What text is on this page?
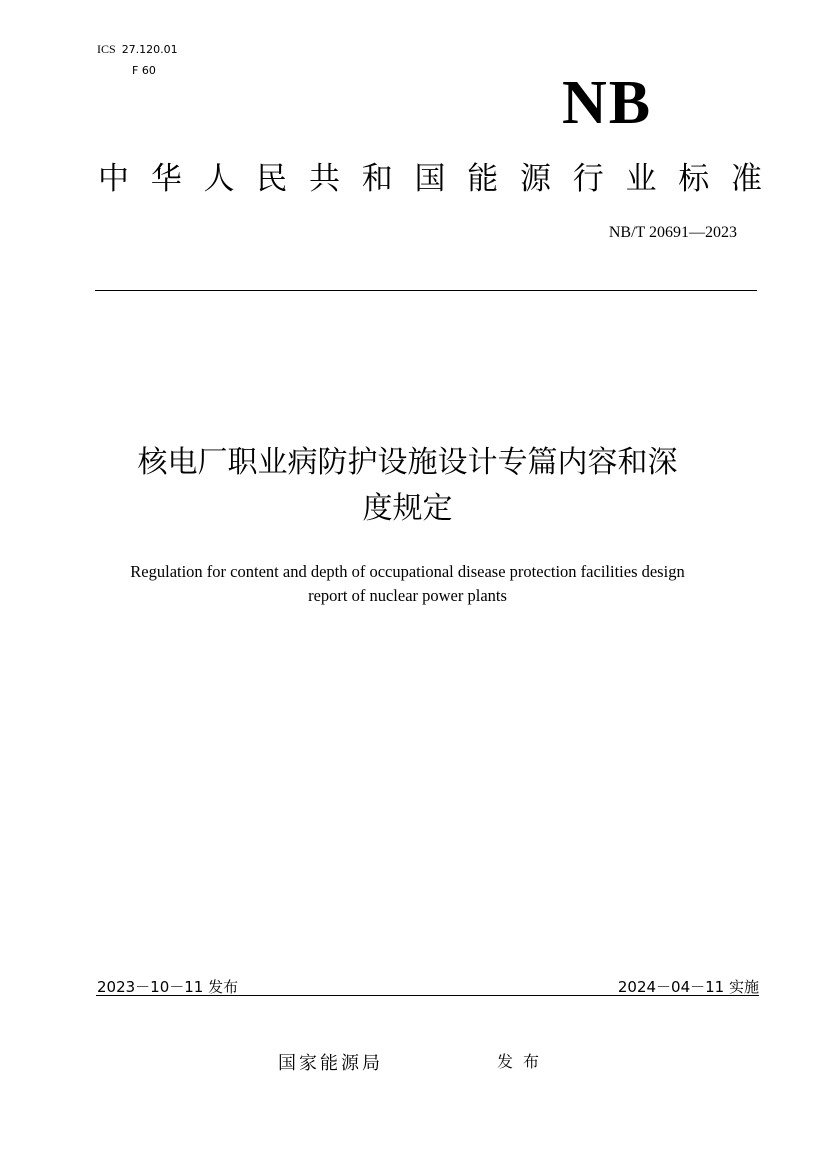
ICS 27.120.01
F 60	NB
中华人民共和国能源行业标准
NB/T 20691—2023
核电厂职业病防护设施设计专篇内容和深
度规定
Regulation for content and depth of occupational disease protection facilities design
report of nuclear power plants
2023－10－11 发布	2024－04－11 实施
国家能源局	发布
